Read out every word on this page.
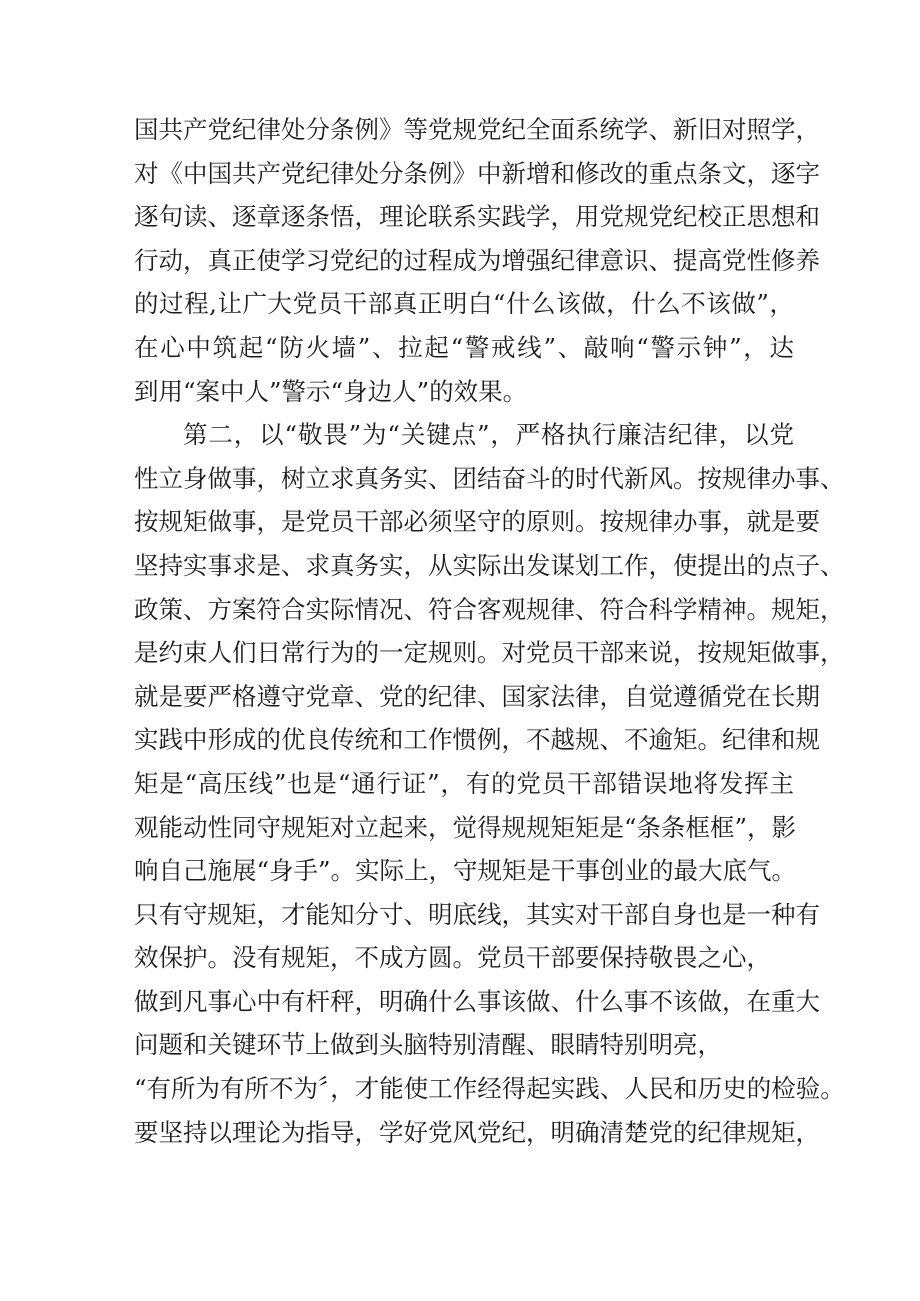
国共产党纪律处分条例》等党规党纪全面系统学、新旧对照学，
对《中国共产党纪律处分条例》中新增和修改的重点条文，逐字
逐句读、逐章逐条悟，理论联系实践学，用党规党纪校正思想和
行动，真正使学习党纪的过程成为增强纪律意识、提高党性修养
的过程,让广大党员干部真正明白“什么该做，什么不该做”，
在心中筑起“防火墙”、拉起“警戒线”、敲响“警示钟”，达
到用“案中人”警示“身边人”的效果。
第二，以“敬畏”为“关键点”，严格执行廉洁纪律，以党
性立身做事，树立求真务实、团结奋斗的时代新风。按规律办事、
按规矩做事，是党员干部必须坚守的原则。按规律办事，就是要
坚持实事求是、求真务实，从实际出发谋划工作，使提出的点子、
政策、方案符合实际情况、符合客观规律、符合科学精神。规矩，
是约束人们日常行为的一定规则。对党员干部来说，按规矩做事，
就是要严格遵守党章、党的纪律、国家法律，自觉遵循党在长期
实践中形成的优良传统和工作惯例，不越规、不逾矩。纪律和规
矩是“高压线”也是“通行证”，有的党员干部错误地将发挥主
观能动性同守规矩对立起来，觉得规规矩矩是“条条框框”，影
响自己施展“身手”。实际上，守规矩是干事创业的最大底气。
只有守规矩，才能知分寸、明底线，其实对干部自身也是一种有
效保护。没有规矩，不成方圆。党员干部要保持敬畏之心，
做到凡事心中有杆秤，明确什么事该做、什么事不该做，在重大
问题和关键环节上做到头脑特别清醒、眼睛特别明亮，
“有所为有所不为〞，才能使工作经得起实践、人民和历史的检验。
要坚持以理论为指导，学好党风党纪，明确清楚党的纪律规矩，
